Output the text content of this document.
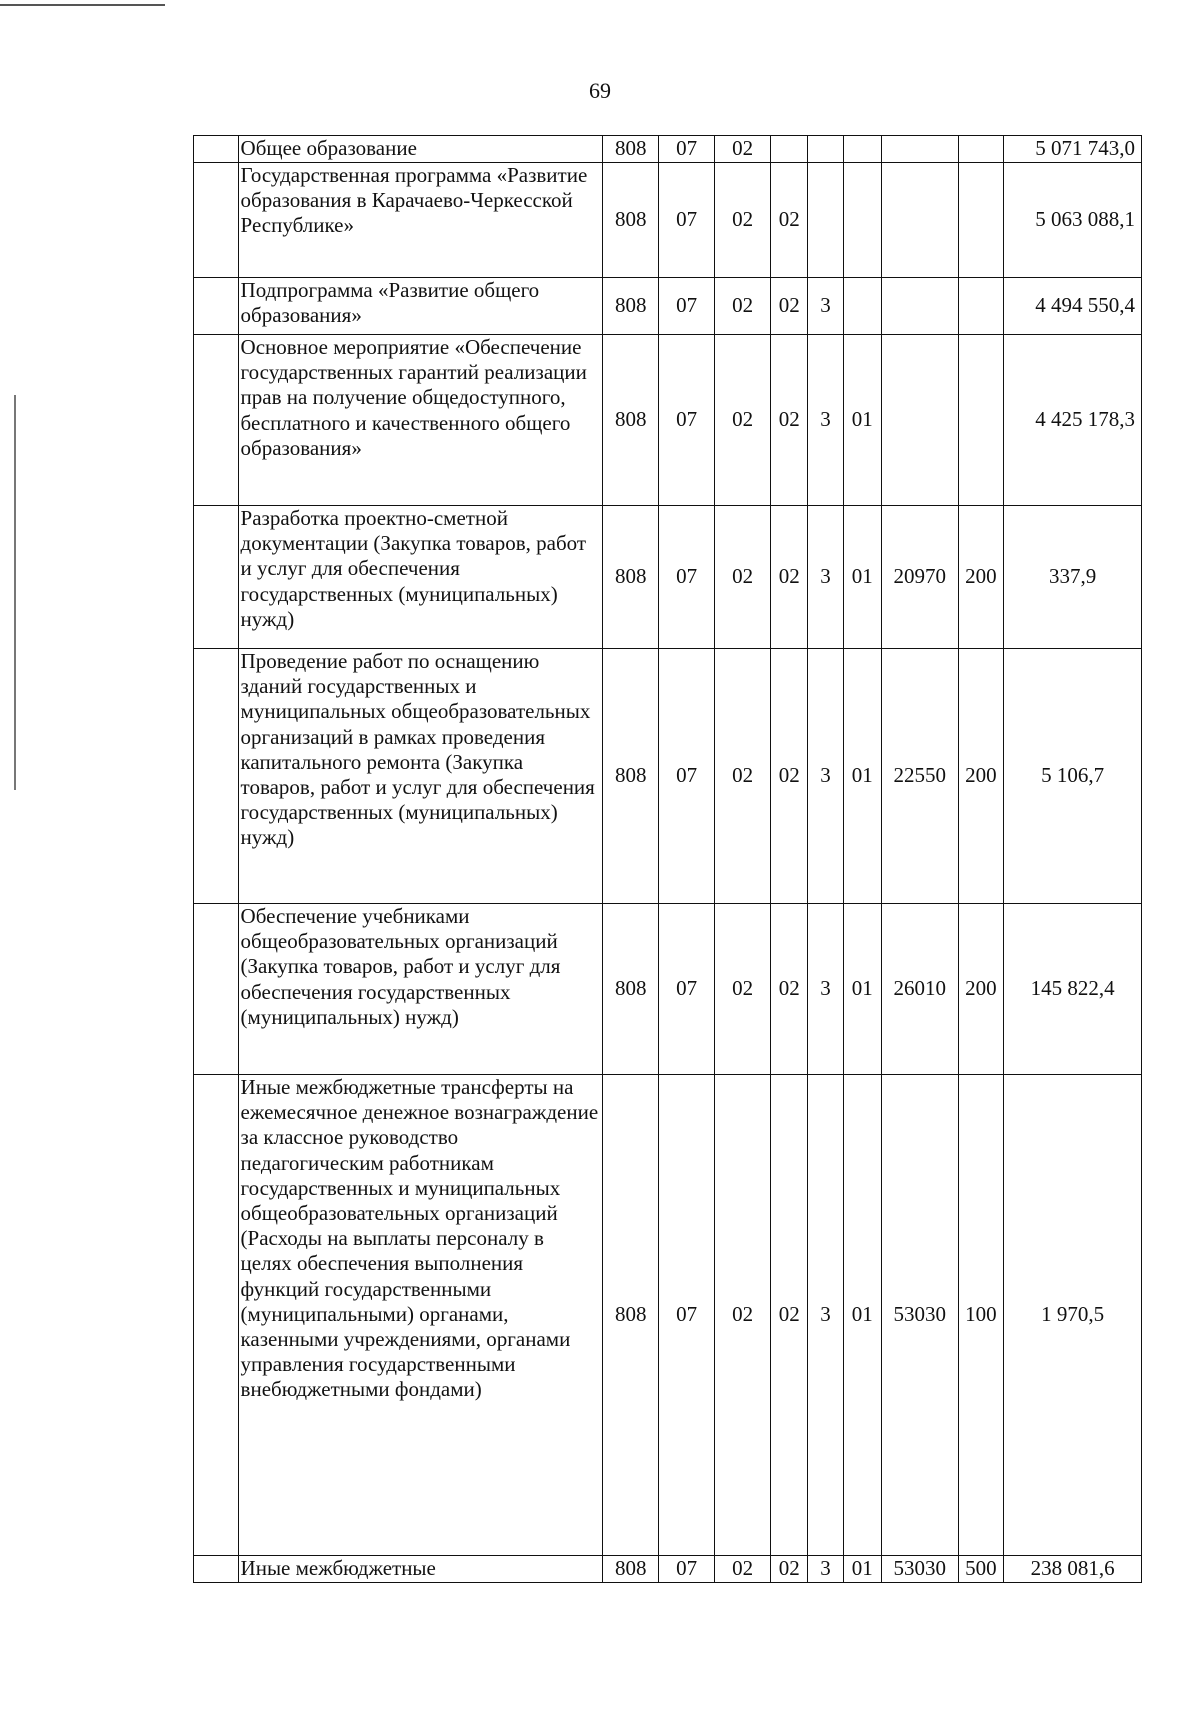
69
	Общее образование	808	07	02						5 071 743,0
	Государственная программа «Развитие образования в Карачаево-Черкесской Республике»	808	07	02	02					5 063 088,1
	Подпрограмма «Развитие общего образования»	808	07	02	02	3				4 494 550,4
	Основное мероприятие «Обеспечение государственных гарантий реализации прав на получение общедоступного, бесплатного и качественного общего образования»	808	07	02	02	3	01			4 425 178,3
	Разработка проектно-сметной документации (Закупка товаров, работ и услуг для обеспечения государственных (муниципальных) нужд)	808	07	02	02	3	01	20970	200	337,9
	Проведение работ по оснащению зданий государственных и муниципальных общеобразовательных организаций в рамках проведения капитального ремонта (Закупка товаров, работ и услуг для обеспечения государственных (муниципальных) нужд)	808	07	02	02	3	01	22550	200	5 106,7
	Обеспечение учебниками общеобразовательных организаций (Закупка товаров, работ и услуг для обеспечения государственных (муниципальных) нужд)	808	07	02	02	3	01	26010	200	145 822,4
	Иные межбюджетные трансферты на ежемесячное денежное вознаграждение за классное руководство педагогическим работникам государственных и муниципальных общеобразовательных организаций (Расходы на выплаты персоналу в целях обеспечения выполнения функций государственными (муниципальными) органами, казенными учреждениями, органами управления государственными внебюджетными фондами)	808	07	02	02	3	01	53030	100	1 970,5
	Иные межбюджетные	808	07	02	02	3	01	53030	500	238 081,6
